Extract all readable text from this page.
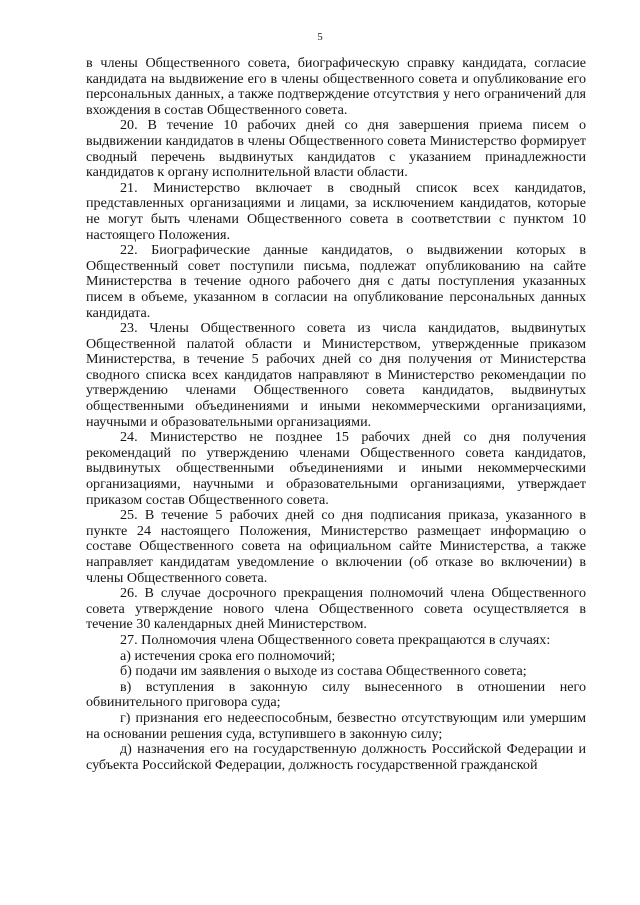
5

в члены Общественного совета, биографическую справку кандидата, согласие кандидата на выдвижение его в члены общественного совета и опубликование его персональных данных, а также подтверждение отсутствия у него ограничений для вхождения в состав Общественного совета.

20. В течение 10 рабочих дней со дня завершения приема писем о выдвижении кандидатов в члены Общественного совета Министерство формирует сводный перечень выдвинутых кандидатов с указанием принадлежности кандидатов к органу исполнительной власти области.

21. Министерство включает в сводный список всех кандидатов, представленных организациями и лицами, за исключением кандидатов, которые не могут быть членами Общественного совета в соответствии с пунктом 10 настоящего Положения.

22. Биографические данные кандидатов, о выдвижении которых в Общественный совет поступили письма, подлежат опубликованию на сайте Министерства в течение одного рабочего дня с даты поступления указанных писем в объеме, указанном в согласии на опубликование персональных данных кандидата.

23. Члены Общественного совета из числа кандидатов, выдвинутых Общественной палатой области и Министерством, утвержденные приказом Министерства, в течение 5 рабочих дней со дня получения от Министерства сводного списка всех кандидатов направляют в Министерство рекомендации по утверждению членами Общественного совета кандидатов, выдвинутых общественными объединениями и иными некоммерческими организациями, научными и образовательными организациями.

24. Министерство не позднее 15 рабочих дней со дня получения рекомендаций по утверждению членами Общественного совета кандидатов, выдвинутых общественными объединениями и иными некоммерческими организациями, научными и образовательными организациями, утверждает приказом состав Общественного совета.

25. В течение 5 рабочих дней со дня подписания приказа, указанного в пункте 24 настоящего Положения, Министерство размещает информацию о составе Общественного совета на официальном сайте Министерства, а также направляет кандидатам уведомление о включении (об отказе во включении) в члены Общественного совета.

26. В случае досрочного прекращения полномочий члена Общественного совета утверждение нового члена Общественного совета осуществляется в течение 30 календарных дней Министерством.

27. Полномочия члена Общественного совета прекращаются в случаях:

а) истечения срока его полномочий;

б) подачи им заявления о выходе из состава Общественного совета;

в) вступления в законную силу вынесенного в отношении него обвинительного приговора суда;

г) признания его недееспособным, безвестно отсутствующим или умершим на основании решения суда, вступившего в законную силу;

д) назначения его на государственную должность Российской Федерации и субъекта Российской Федерации, должность государственной гражданской
